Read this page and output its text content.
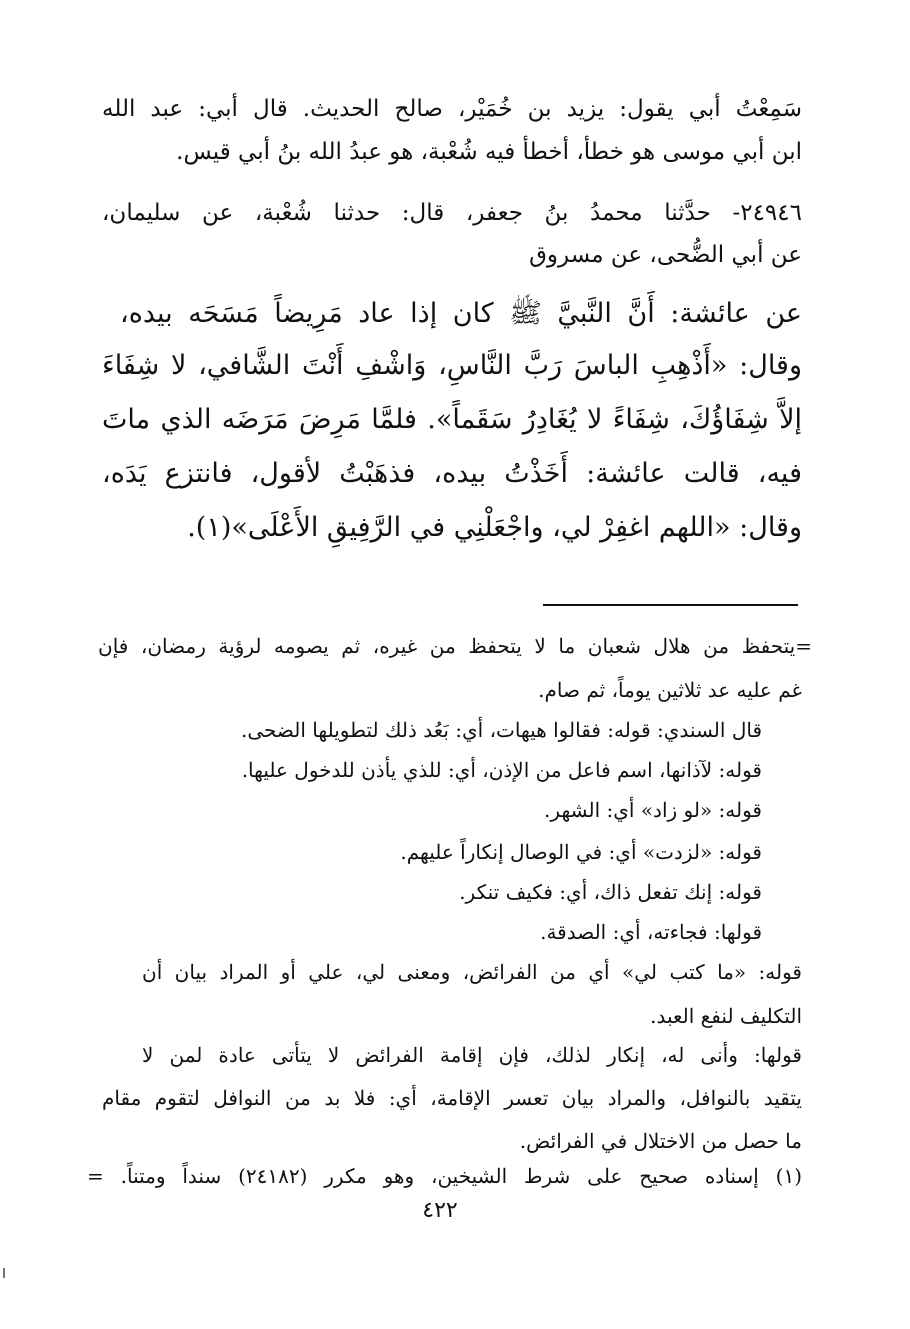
سَمِعْتُ أبي يقول: يزيد بن خُمَيْر، صالح الحديث. قال أبي: عبد الله
ابن أبي موسى هو خطأ، أخطأ فيه شُعْبة، هو عبدُ الله بنُ أبي قيس.
٢٤٩٤٦- حدَّثنا محمدُ بنُ جعفر، قال: حدثنا شُعْبة، عن سليمان،
عن أبي الضُّحى، عن مسروق
عن عائشة: أَنَّ النَّبيَّ ﷺ كان إذا عاد مَرِيضاً مَسَحَه بيده،
وقال: «أَذْهِبِ الباسَ رَبَّ النَّاسِ، وَاشْفِ أَنْتَ الشَّافي، لا شِفَاءَ
إلاَّ شِفَاؤُكَ، شِفَاءً لا يُغَادِرُ سَقَماً». فلمَّا مَرِضَ مَرَضَه الذي ماتَ
فيه، قالت عائشة: أَخَذْتُ بيده، فذهَبْتُ لأقول، فانتزع يَدَه،
وقال: «اللهم اغفِرْ لي، واجْعَلْنِي في الرَّفِيقِ الأَعْلَى»(١).
=يتحفظ من هلال شعبان ما لا يتحفظ من غيره، ثم يصومه لرؤية رمضان، فإن
غم عليه عد ثلاثين يوماً، ثم صام.
قال السندي: قوله: فقالوا هيهات، أي: بَعُد ذلك لتطويلها الضحى.
قوله: لآذانها، اسم فاعل من الإذن، أي: للذي يأذن للدخول عليها.
قوله: «لو زاد» أي: الشهر.
قوله: «لزدت» أي: في الوصال إنكاراً عليهم.
قوله: إنك تفعل ذاك، أي: فكيف تنكر.
قولها: فجاءته، أي: الصدقة.
قوله: «ما كتب لي» أي من الفرائض، ومعنى لي، علي أو المراد بيان أن
التكليف لنفع العبد.
قولها: وأنى له، إنكار لذلك، فإن إقامة الفرائض لا يتأتى عادة لمن لا
يتقيد بالنوافل، والمراد بيان تعسر الإقامة، أي: فلا بد من النوافل لتقوم مقام
ما حصل من الاختلال في الفرائض.
(١) إسناده صحيح على شرط الشيخين، وهو مكرر (٢٤١٨٢) سنداً ومتناً. =
٤٢٢
